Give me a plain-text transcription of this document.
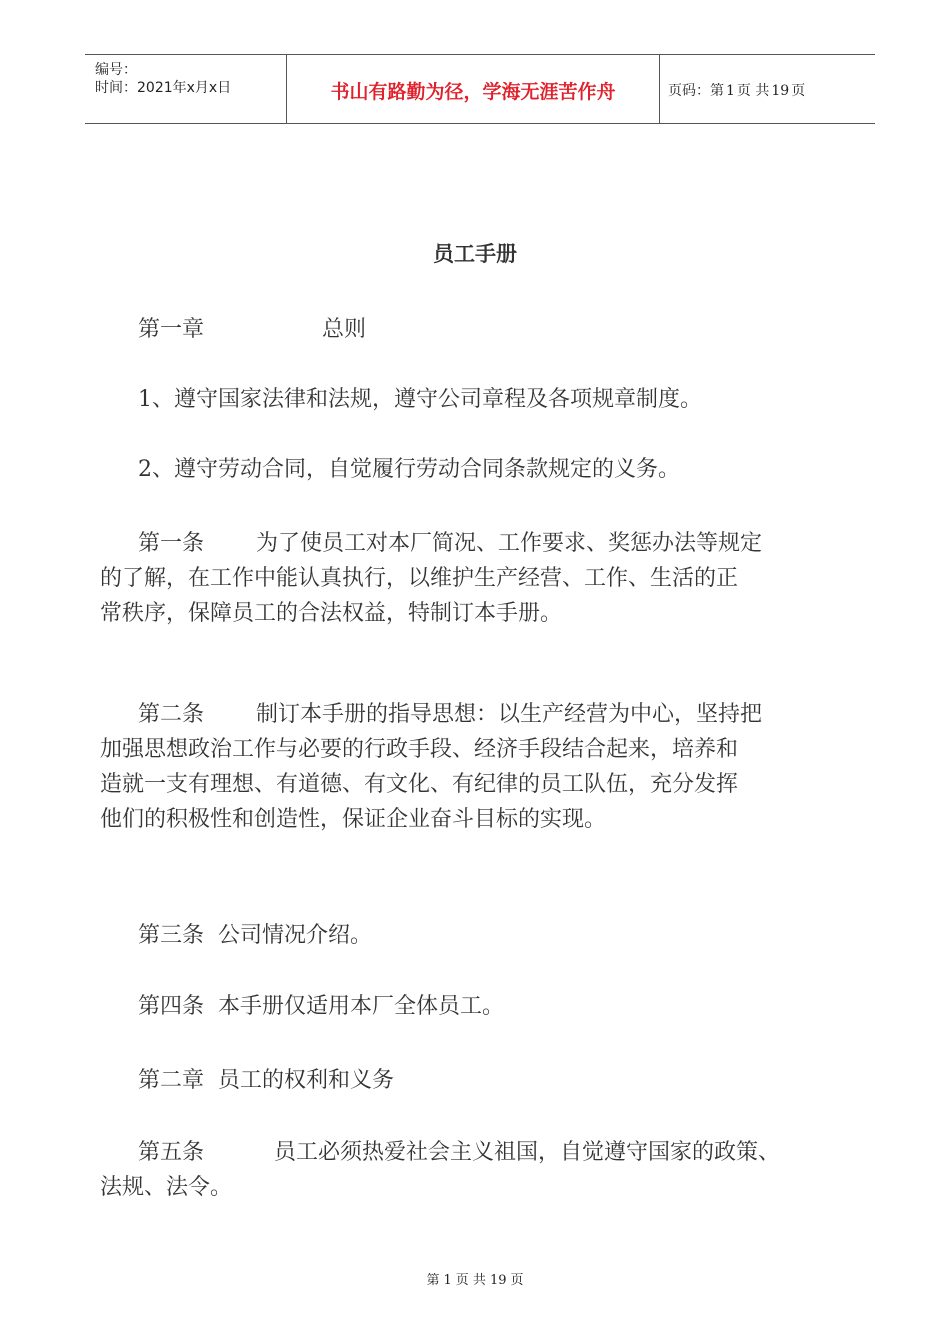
编号：
时间：2021年x月x日	书山有路勤为径，学海无涯苦作舟	页码：第 1 页 共 19 页
员工手册
第一章	总则
1、遵守国家法律和法规，遵守公司章程及各项规章制度。
2、遵守劳动合同，自觉履行劳动合同条款规定的义务。
第一条 为了使员工对本厂简况、工作要求、奖惩办法等规定
的了解，在工作中能认真执行，以维护生产经营、工作、生活的正
常秩序，保障员工的合法权益，特制订本手册。
第二条 制订本手册的指导思想：以生产经营为中心，坚持把
加强思想政治工作与必要的行政手段、经济手段结合起来，培养和
造就一支有理想、有道德、有文化、有纪律的员工队伍，充分发挥
他们的积极性和创造性，保证企业奋斗目标的实现。
第三条 公司情况介绍。
第四条 本手册仅适用本厂全体员工。
第二章 员工的权利和义务
第五条	员工必须热爱社会主义祖国，自觉遵守国家的政策、
法规、法令。
第 1 页 共 19 页
